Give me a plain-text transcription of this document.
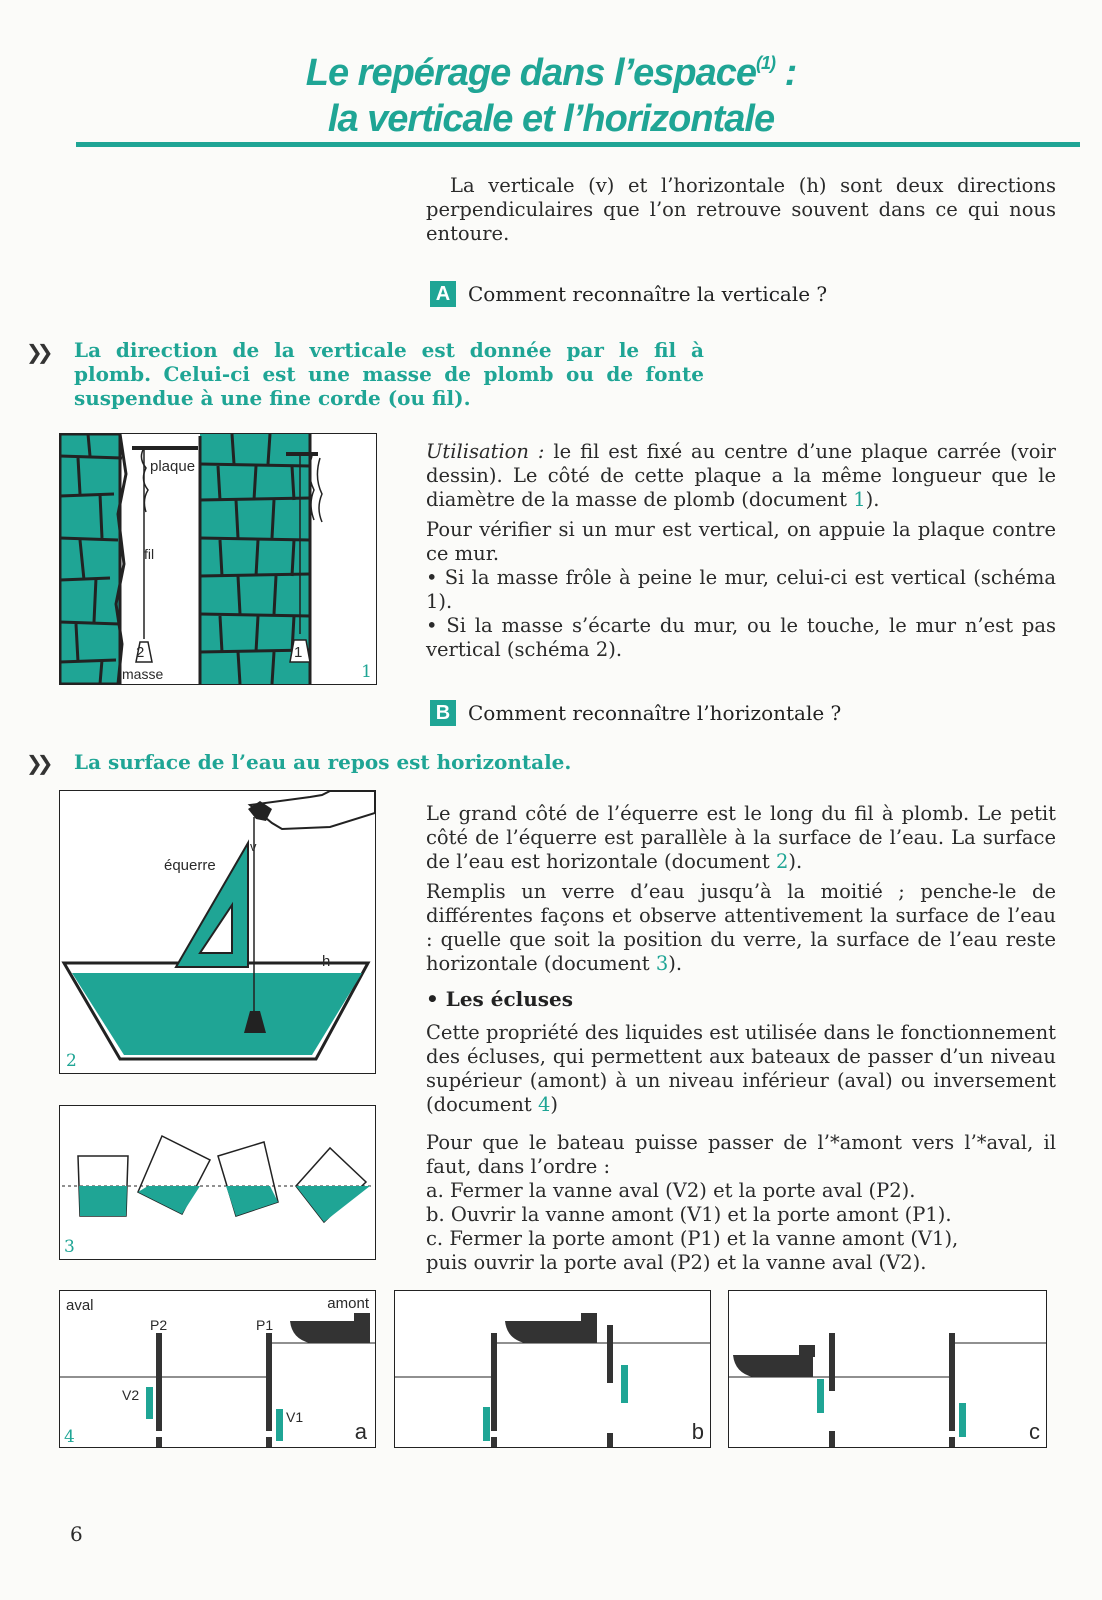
Le repérage dans l’espace$^{(1)}$ :
la verticale et l’horizontale

La verticale (v) et l’horizontale (h) sont deux directions perpendiculaires que l’on retrouve souvent dans ce qui nous entoure.

A Comment reconnaître la verticale ?
❯❯ La direction de la verticale est donnée par le fil à plomb. Celui-ci est une masse de plomb ou de fonte suspendue à une fine corde (ou fil).
plaque
fil
2
masse
1
1

Utilisation : le fil est fixé au centre d’une plaque carrée (voir dessin). Le côté de cette plaque a la même longueur que le diamètre de la masse de plomb (document 1).

Pour vérifier si un mur est vertical, on appuie la plaque contre ce mur.

• Si la masse frôle à peine le mur, celui-ci est vertical (schéma 1).

• Si la masse s’écarte du mur, ou le touche, le mur n’est pas vertical (schéma 2).

B Comment reconnaître l’horizontale ?
❯❯ La surface de l’eau au repos est horizontale.
équerre
v
h
2
3

Le grand côté de l’équerre est le long du fil à plomb. Le petit côté de l’équerre est parallèle à la surface de l’eau. La surface de l’eau est horizontale (document 2).

Remplis un verre d’eau jusqu’à la moitié ; penche-le de différentes façons et observe attentivement la surface de l’eau : quelle que soit la position du verre, la surface de l’eau reste horizontale (document 3).

• Les écluses

Cette propriété des liquides est utilisée dans le fonctionnement des écluses, qui permettent aux bateaux de passer d’un niveau supérieur (amont) à un niveau inférieur (aval) ou inversement (document 4)

Pour que le bateau puisse passer de l’*amont vers l’*aval, il faut, dans l’ordre :

a. Fermer la vanne aval (V2) et la porte aval (P2).

b. Ouvrir la vanne amont (V1) et la porte amont (P1).

c. Fermer la porte amont (P1) et la vanne amont (V1),

puis ouvrir la porte aval (P2) et la vanne aval (V2).

aval	amont
P2	P1
V2
V1
a
4	b	c
6
